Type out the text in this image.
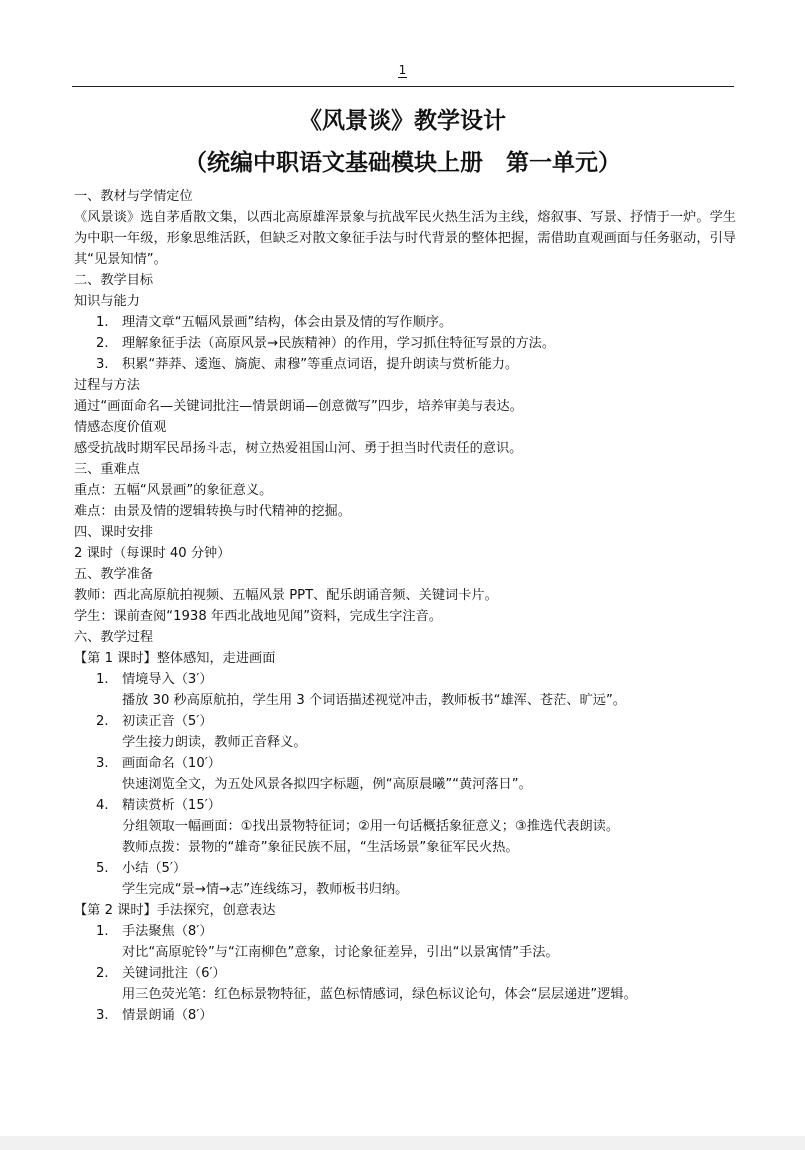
1
《风景谈》教学设计
（统编中职语文基础模块上册　第一单元）

一、教材与学情定位

《风景谈》选自茅盾散文集，以西北高原雄浑景象与抗战军民火热生活为主线，熔叙事、写景、抒情于一炉。学生为中职一年级，形象思维活跃，但缺乏对散文象征手法与时代背景的整体把握，需借助直观画面与任务驱动，引导其“见景知情”。

二、教学目标

知识与能力

1. 理清文章“五幅风景画”结构，体会由景及情的写作顺序。

2. 理解象征手法（高原风景→民族精神）的作用，学习抓住特征写景的方法。

3. 积累“莽莽、逶迤、旖旎、肃穆”等重点词语，提升朗读与赏析能力。

过程与方法

通过“画面命名—关键词批注—情景朗诵—创意微写”四步，培养审美与表达。

情感态度价值观

感受抗战时期军民昂扬斗志，树立热爱祖国山河、勇于担当时代责任的意识。

三、重难点

重点：五幅“风景画”的象征意义。

难点：由景及情的逻辑转换与时代精神的挖掘。

四、课时安排

2 课时（每课时 40 分钟）

五、教学准备

教师：西北高原航拍视频、五幅风景 PPT、配乐朗诵音频、关键词卡片。

学生：课前查阅“1938 年西北战地见闻”资料，完成生字注音。

六、教学过程

【第 1 课时】整体感知，走进画面

1. 情境导入（3′）

播放 30 秒高原航拍，学生用 3 个词语描述视觉冲击，教师板书“雄浑、苍茫、旷远”。

2. 初读正音（5′）

学生接力朗读，教师正音释义。

3. 画面命名（10′）

快速浏览全文，为五处风景各拟四字标题，例“高原晨曦”“黄河落日”。

4. 精读赏析（15′）

分组领取一幅画面：①找出景物特征词；②用一句话概括象征意义；③推选代表朗读。

教师点拨：景物的“雄奇”象征民族不屈，“生活场景”象征军民火热。

5. 小结（5′）

学生完成“景→情→志”连线练习，教师板书归纳。

【第 2 课时】手法探究，创意表达

1. 手法聚焦（8′）

对比“高原驼铃”与“江南柳色”意象，讨论象征差异，引出“以景寓情”手法。

2. 关键词批注（6′）

用三色荧光笔：红色标景物特征，蓝色标情感词，绿色标议论句，体会“层层递进”逻辑。

3. 情景朗诵（8′）
